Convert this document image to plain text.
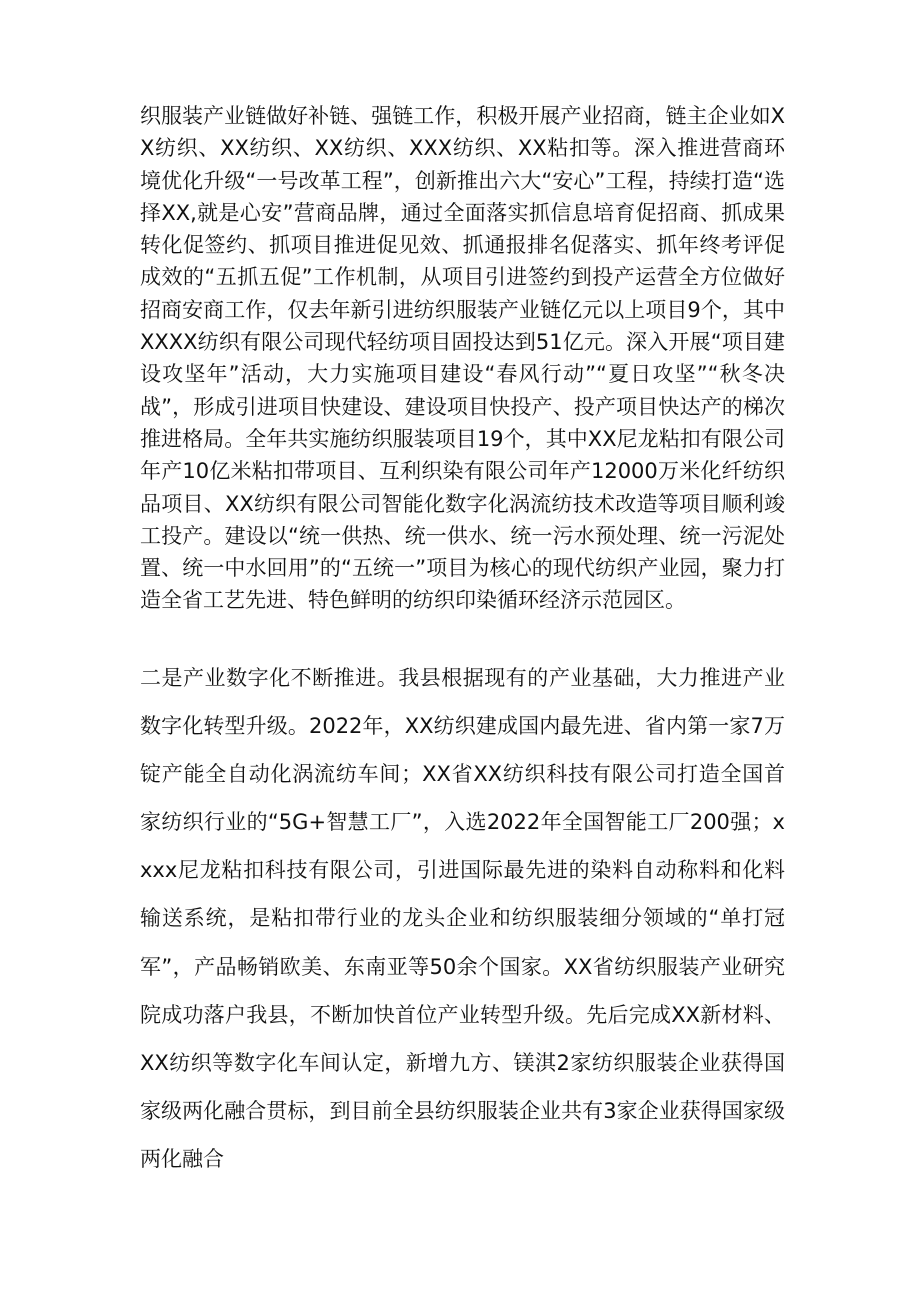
织服装产业链做好补链、强链工作，积极开展产业招商，链主企业如XX纺织、XX纺织、XX纺织、XXX纺织、XX粘扣等。深入推进营商环境优化升级“一号改革工程”，创新推出六大“安心”工程，持续打造“选择XX,就是心安”营商品牌，通过全面落实抓信息培育促招商、抓成果转化促签约、抓项目推进促见效、抓通报排名促落实、抓年终考评促成效的“五抓五促”工作机制，从项目引进签约到投产运营全方位做好招商安商工作，仅去年新引进纺织服装产业链亿元以上项目9个，其中XXXX纺织有限公司现代轻纺项目固投达到51亿元。深入开展“项目建设攻坚年”活动，大力实施项目建设“春风行动”“夏日攻坚”“秋冬决战”，形成引进项目快建设、建设项目快投产、投产项目快达产的梯次推进格局。全年共实施纺织服装项目19个，其中XX尼龙粘扣有限公司年产10亿米粘扣带项目、互利织染有限公司年产12000万米化纤纺织品项目、XX纺织有限公司智能化数字化涡流纺技术改造等项目顺利竣工投产。建设以“统一供热、统一供水、统一污水预处理、统一污泥处置、统一中水回用”的“五统一”项目为核心的现代纺织产业园，聚力打造全省工艺先进、特色鲜明的纺织印染循环经济示范园区。

二是产业数字化不断推进。我县根据现有的产业基础，大力推进产业数字化转型升级。2022年，XX纺织建成国内最先进、省内第一家7万锭产能全自动化涡流纺车间；XX省XX纺织科技有限公司打造全国首家纺织行业的“5G+智慧工厂”，入选2022年全国智能工厂200强；xxxx尼龙粘扣科技有限公司，引进国际最先进的染料自动称料和化料输送系统，是粘扣带行业的龙头企业和纺织服装细分领域的“单打冠军”，产品畅销欧美、东南亚等50余个国家。XX省纺织服装产业研究院成功落户我县，不断加快首位产业转型升级。先后完成XX新材料、XX纺织等数字化车间认定，新增九方、镁淇2家纺织服装企业获得国家级两化融合贯标，到目前全县纺织服装企业共有3家企业获得国家级两化融合
